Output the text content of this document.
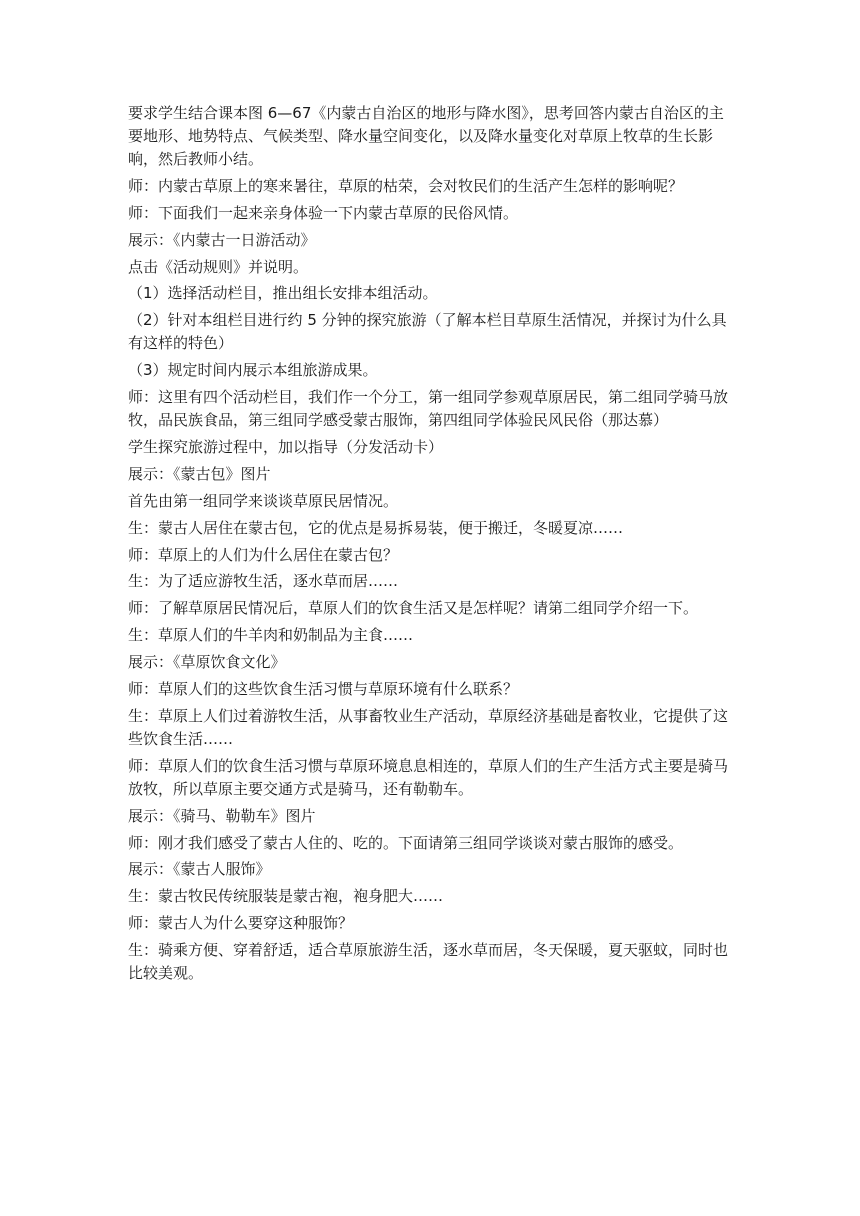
要求学生结合课本图 6—67《内蒙古自治区的地形与降水图》，思考回答内蒙古自治区的主要地形、地势特点、气候类型、降水量空间变化，以及降水量变化对草原上牧草的生长影响，然后教师小结。

师：内蒙古草原上的寒来暑往，草原的枯荣，会对牧民们的生活产生怎样的影响呢？

师：下面我们一起来亲身体验一下内蒙古草原的民俗风情。

展示：《内蒙古一日游活动》

点击《活动规则》并说明。

（1）选择活动栏目，推出组长安排本组活动。

（2）针对本组栏目进行约 5 分钟的探究旅游（了解本栏目草原生活情况，并探讨为什么具有这样的特色）

（3）规定时间内展示本组旅游成果。

师：这里有四个活动栏目，我们作一个分工，第一组同学参观草原居民，第二组同学骑马放牧，品民族食品，第三组同学感受蒙古服饰，第四组同学体验民风民俗（那达慕）

学生探究旅游过程中，加以指导（分发活动卡）

展示：《蒙古包》图片

首先由第一组同学来谈谈草原民居情况。

生：蒙古人居住在蒙古包，它的优点是易拆易装，便于搬迁，冬暖夏凉……

师：草原上的人们为什么居住在蒙古包？

生：为了适应游牧生活，逐水草而居……

师：了解草原居民情况后，草原人们的饮食生活又是怎样呢？请第二组同学介绍一下。

生：草原人们的牛羊肉和奶制品为主食……

展示：《草原饮食文化》

师：草原人们的这些饮食生活习惯与草原环境有什么联系？

生：草原上人们过着游牧生活，从事畜牧业生产活动，草原经济基础是畜牧业，它提供了这  些饮食生活……

师：草原人们的饮食生活习惯与草原环境息息相连的，草原人们的生产生活方式主要是骑马放牧，所以草原主要交通方式是骑马，还有勒勒车。

展示：《骑马、勒勒车》图片

师：刚才我们感受了蒙古人住的、吃的。下面请第三组同学谈谈对蒙古服饰的感受。

展示：《蒙古人服饰》

生：蒙古牧民传统服装是蒙古袍，袍身肥大……

师：蒙古人为什么要穿这种服饰？

生：骑乘方便、穿着舒适，适合草原旅游生活，逐水草而居，冬天保暖，夏天驱蚊，同时也比较美观。
